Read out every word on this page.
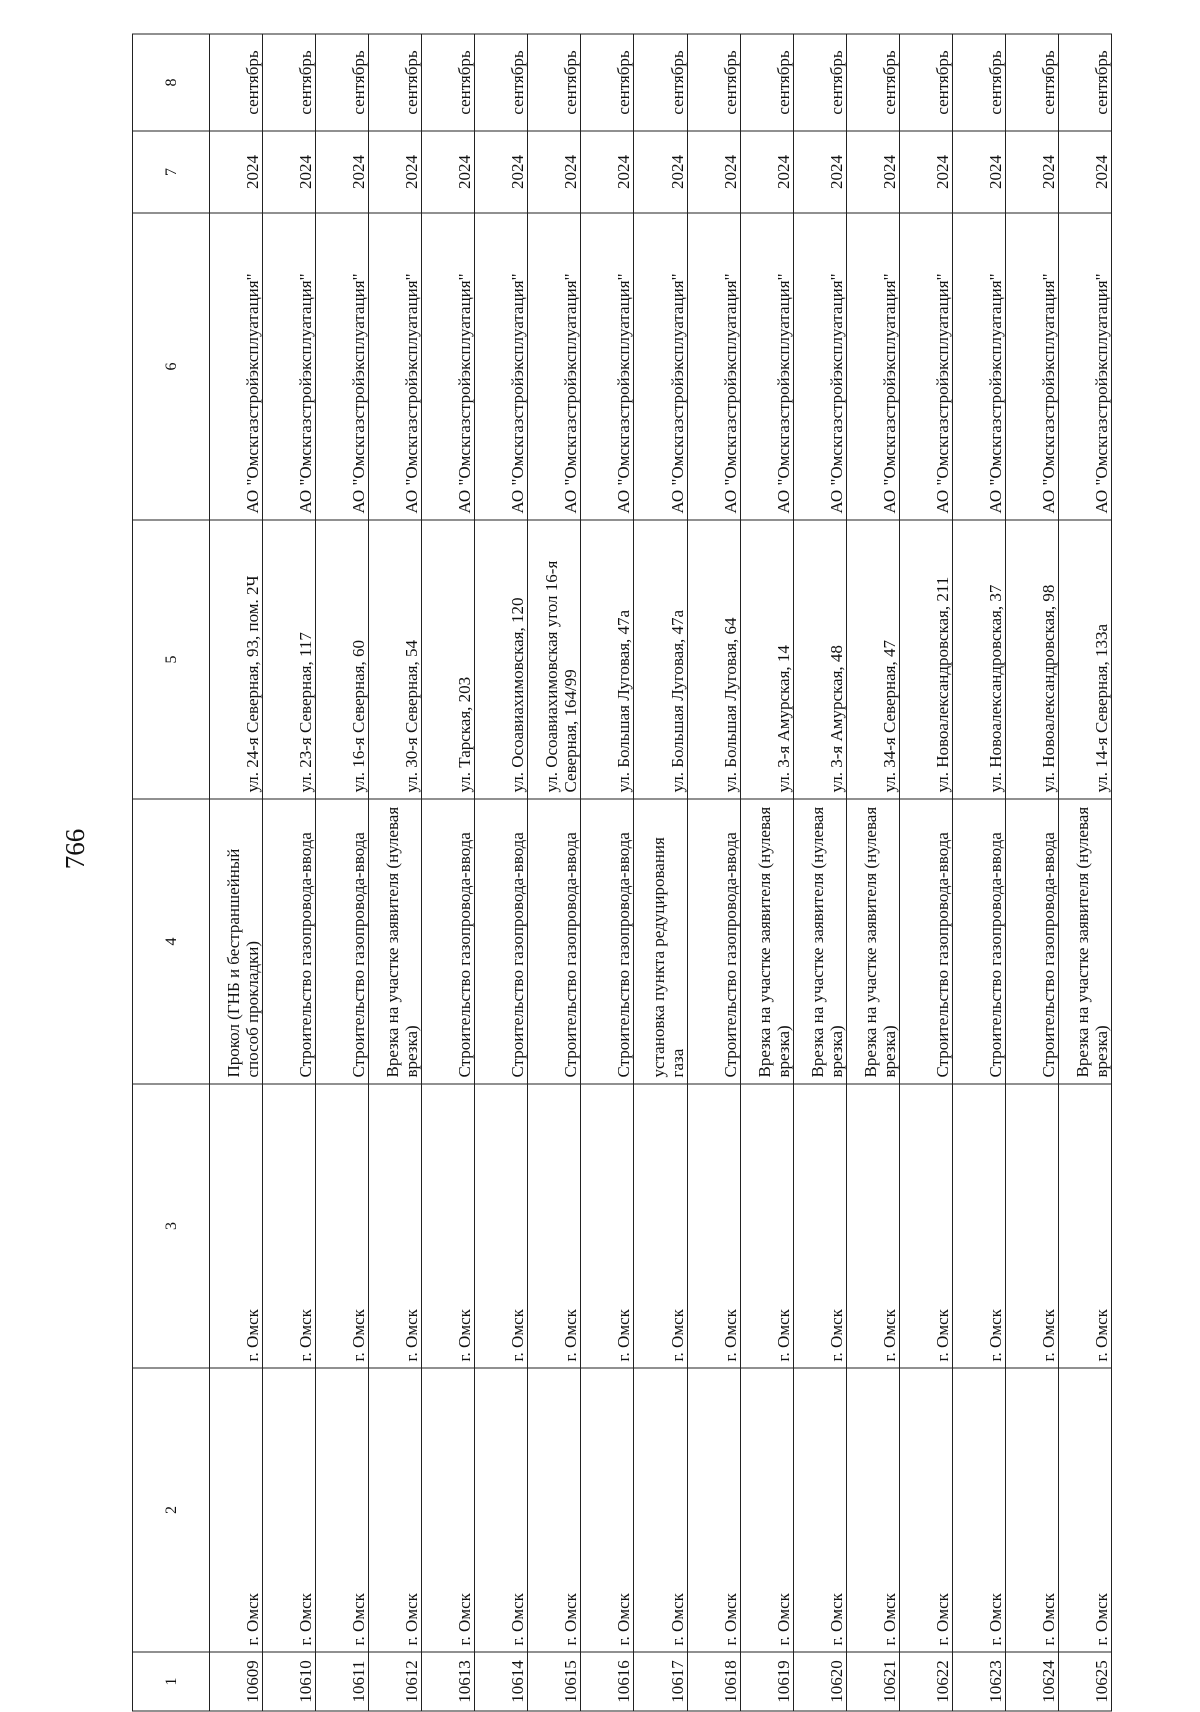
766
1	2	3	4	5	6	7	8
10609	г. Омск	г. Омск	Прокол (ГНБ и бестраншейный способ прокладки)	ул. 24-я Северная, 93, пом. 2Ч	АО "Омскгазстройэксплуатация"	2024	сентябрь
10610	г. Омск	г. Омск	Строительство газопровода-ввода	ул. 23-я Северная, 117	АО "Омскгазстройэксплуатация"	2024	сентябрь
10611	г. Омск	г. Омск	Строительство газопровода-ввода	ул. 16-я Северная, 60	АО "Омскгазстройэксплуатация"	2024	сентябрь
10612	г. Омск	г. Омск	Врезка на участке заявителя (нулевая врезка)	ул. 30-я Северная, 54	АО "Омскгазстройэксплуатация"	2024	сентябрь
10613	г. Омск	г. Омск	Строительство газопровода-ввода	ул. Тарская, 203	АО "Омскгазстройэксплуатация"	2024	сентябрь
10614	г. Омск	г. Омск	Строительство газопровода-ввода	ул. Осоавиахимовская, 120	АО "Омскгазстройэксплуатация"	2024	сентябрь
10615	г. Омск	г. Омск	Строительство газопровода-ввода	ул. Осоавиахимовская угол 16-я Северная, 164/99	АО "Омскгазстройэксплуатация"	2024	сентябрь
10616	г. Омск	г. Омск	Строительство газопровода-ввода	ул. Большая Луговая, 47а	АО "Омскгазстройэксплуатация"	2024	сентябрь
10617	г. Омск	г. Омск	установка пункта редуцирования газа	ул. Большая Луговая, 47а	АО "Омскгазстройэксплуатация"	2024	сентябрь
10618	г. Омск	г. Омск	Строительство газопровода-ввода	ул. Большая Луговая, 64	АО "Омскгазстройэксплуатация"	2024	сентябрь
10619	г. Омск	г. Омск	Врезка на участке заявителя (нулевая врезка)	ул. 3-я Амурская, 14	АО "Омскгазстройэксплуатация"	2024	сентябрь
10620	г. Омск	г. Омск	Врезка на участке заявителя (нулевая врезка)	ул. 3-я Амурская, 48	АО "Омскгазстройэксплуатация"	2024	сентябрь
10621	г. Омск	г. Омск	Врезка на участке заявителя (нулевая врезка)	ул. 34-я Северная, 47	АО "Омскгазстройэксплуатация"	2024	сентябрь
10622	г. Омск	г. Омск	Строительство газопровода-ввода	ул. Новоалександровская, 211	АО "Омскгазстройэксплуатация"	2024	сентябрь
10623	г. Омск	г. Омск	Строительство газопровода-ввода	ул. Новоалександровская, 37	АО "Омскгазстройэксплуатация"	2024	сентябрь
10624	г. Омск	г. Омск	Строительство газопровода-ввода	ул. Новоалександровская, 98	АО "Омскгазстройэксплуатация"	2024	сентябрь
10625	г. Омск	г. Омск	Врезка на участке заявителя (нулевая врезка)	ул. 14-я Северная, 133а	АО "Омскгазстройэксплуатация"	2024	сентябрь
